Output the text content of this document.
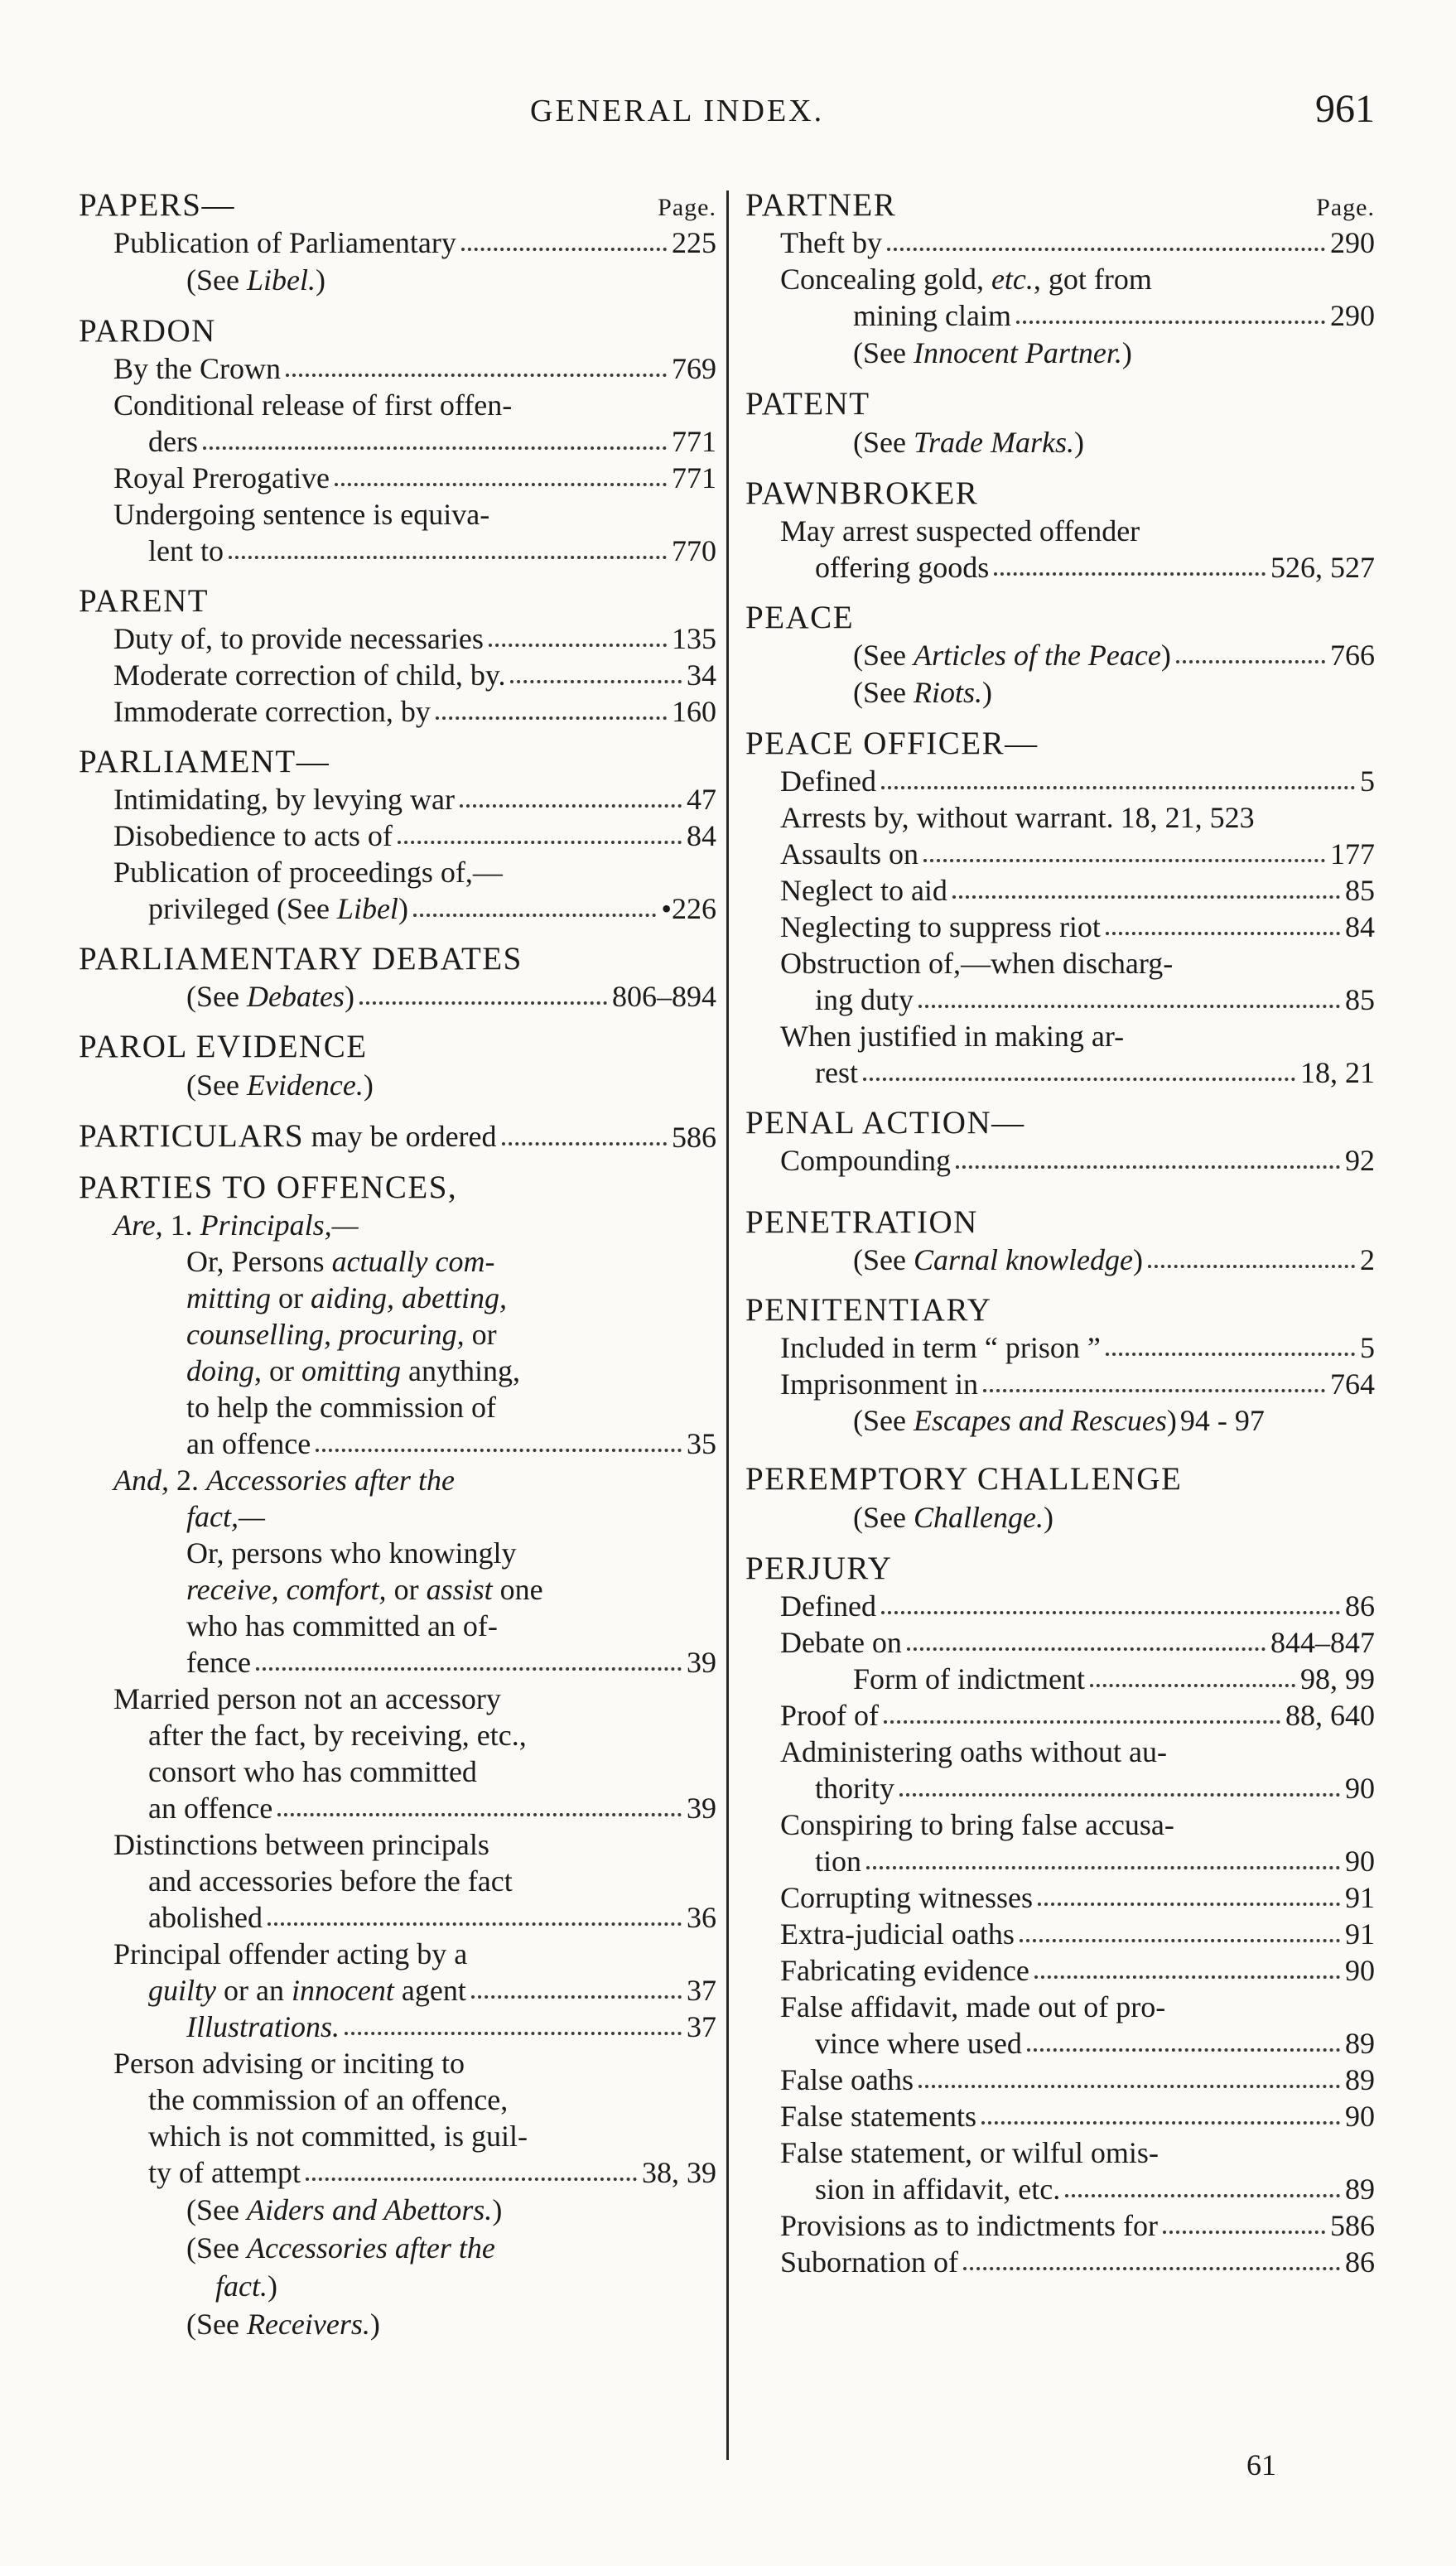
GENERAL INDEX.	961
PAPERS—	Page.
Publication of Parliamentary	225
(See Libel.)
PARDON
By the Crown	769
Conditional release of first offen-
ders	771
Royal Prerogative	771
Undergoing sentence is equiva-
lent to	770
PARENT
Duty of, to provide necessaries	135
Moderate correction of child, by.	34
Immoderate correction, by	160
PARLIAMENT—
Intimidating, by levying war	47
Disobedience to acts of	84
Publication of proceedings of,—
privileged (See Libel)	•226
PARLIAMENTARY DEBATES
(See Debates)	806–894
PAROL EVIDENCE
(See Evidence.)
PARTICULARS may be ordered	586
PARTIES TO OFFENCES,
Are, 1. Principals,—
Or, Persons actually com-
mitting or aiding, abetting,
counselling, procuring, or
doing, or omitting anything,
to help the commission of
an offence	35
And, 2. Accessories after the
fact,—
Or, persons who knowingly
receive, comfort, or assist one
who has committed an of-
fence	39
Married person not an accessory
after the fact, by receiving, etc.,
consort who has committed
an offence	39
Distinctions between principals
and accessories before the fact
abolished	36
Principal offender acting by a
guilty or an innocent agent	37
Illustrations.	37
Person advising or inciting to
the commission of an offence,
which is not committed, is guil-
ty of attempt	38, 39
(See Aiders and Abettors.)
(See Accessories after the
fact.)
(See Receivers.)
PARTNER	Page.
Theft by	290
Concealing gold, etc., got from
mining claim	290
(See Innocent Partner.)
PATENT
(See Trade Marks.)
PAWNBROKER
May arrest suspected offender
offering goods	526, 527
PEACE
(See Articles of the Peace)	766
(See Riots.)
PEACE OFFICER—
Defined	5
Arrests by, without warrant. 18, 21, 523
Assaults on	177
Neglect to aid	85
Neglecting to suppress riot	84
Obstruction of,—when discharg-
ing duty	85
When justified in making ar-
rest	18, 21
PENAL ACTION—
Compounding	92
PENETRATION
(See Carnal knowledge)	2
PENITENTIARY
Included in term “ prison ”	5
Imprisonment in	764
(See Escapes and Rescues) 94 - 97
PEREMPTORY CHALLENGE
(See Challenge.)
PERJURY
Defined	86
Debate on	844–847
Form of indictment	98, 99
Proof of	88, 640
Administering oaths without au-
thority	90
Conspiring to bring false accusa-
tion	90
Corrupting witnesses	91
Extra-judicial oaths	91
Fabricating evidence	90
False affidavit, made out of pro-
vince where used	89
False oaths	89
False statements	90
False statement, or wilful omis-
sion in affidavit, etc.	89
Provisions as to indictments for	586
Subornation of	86
61
